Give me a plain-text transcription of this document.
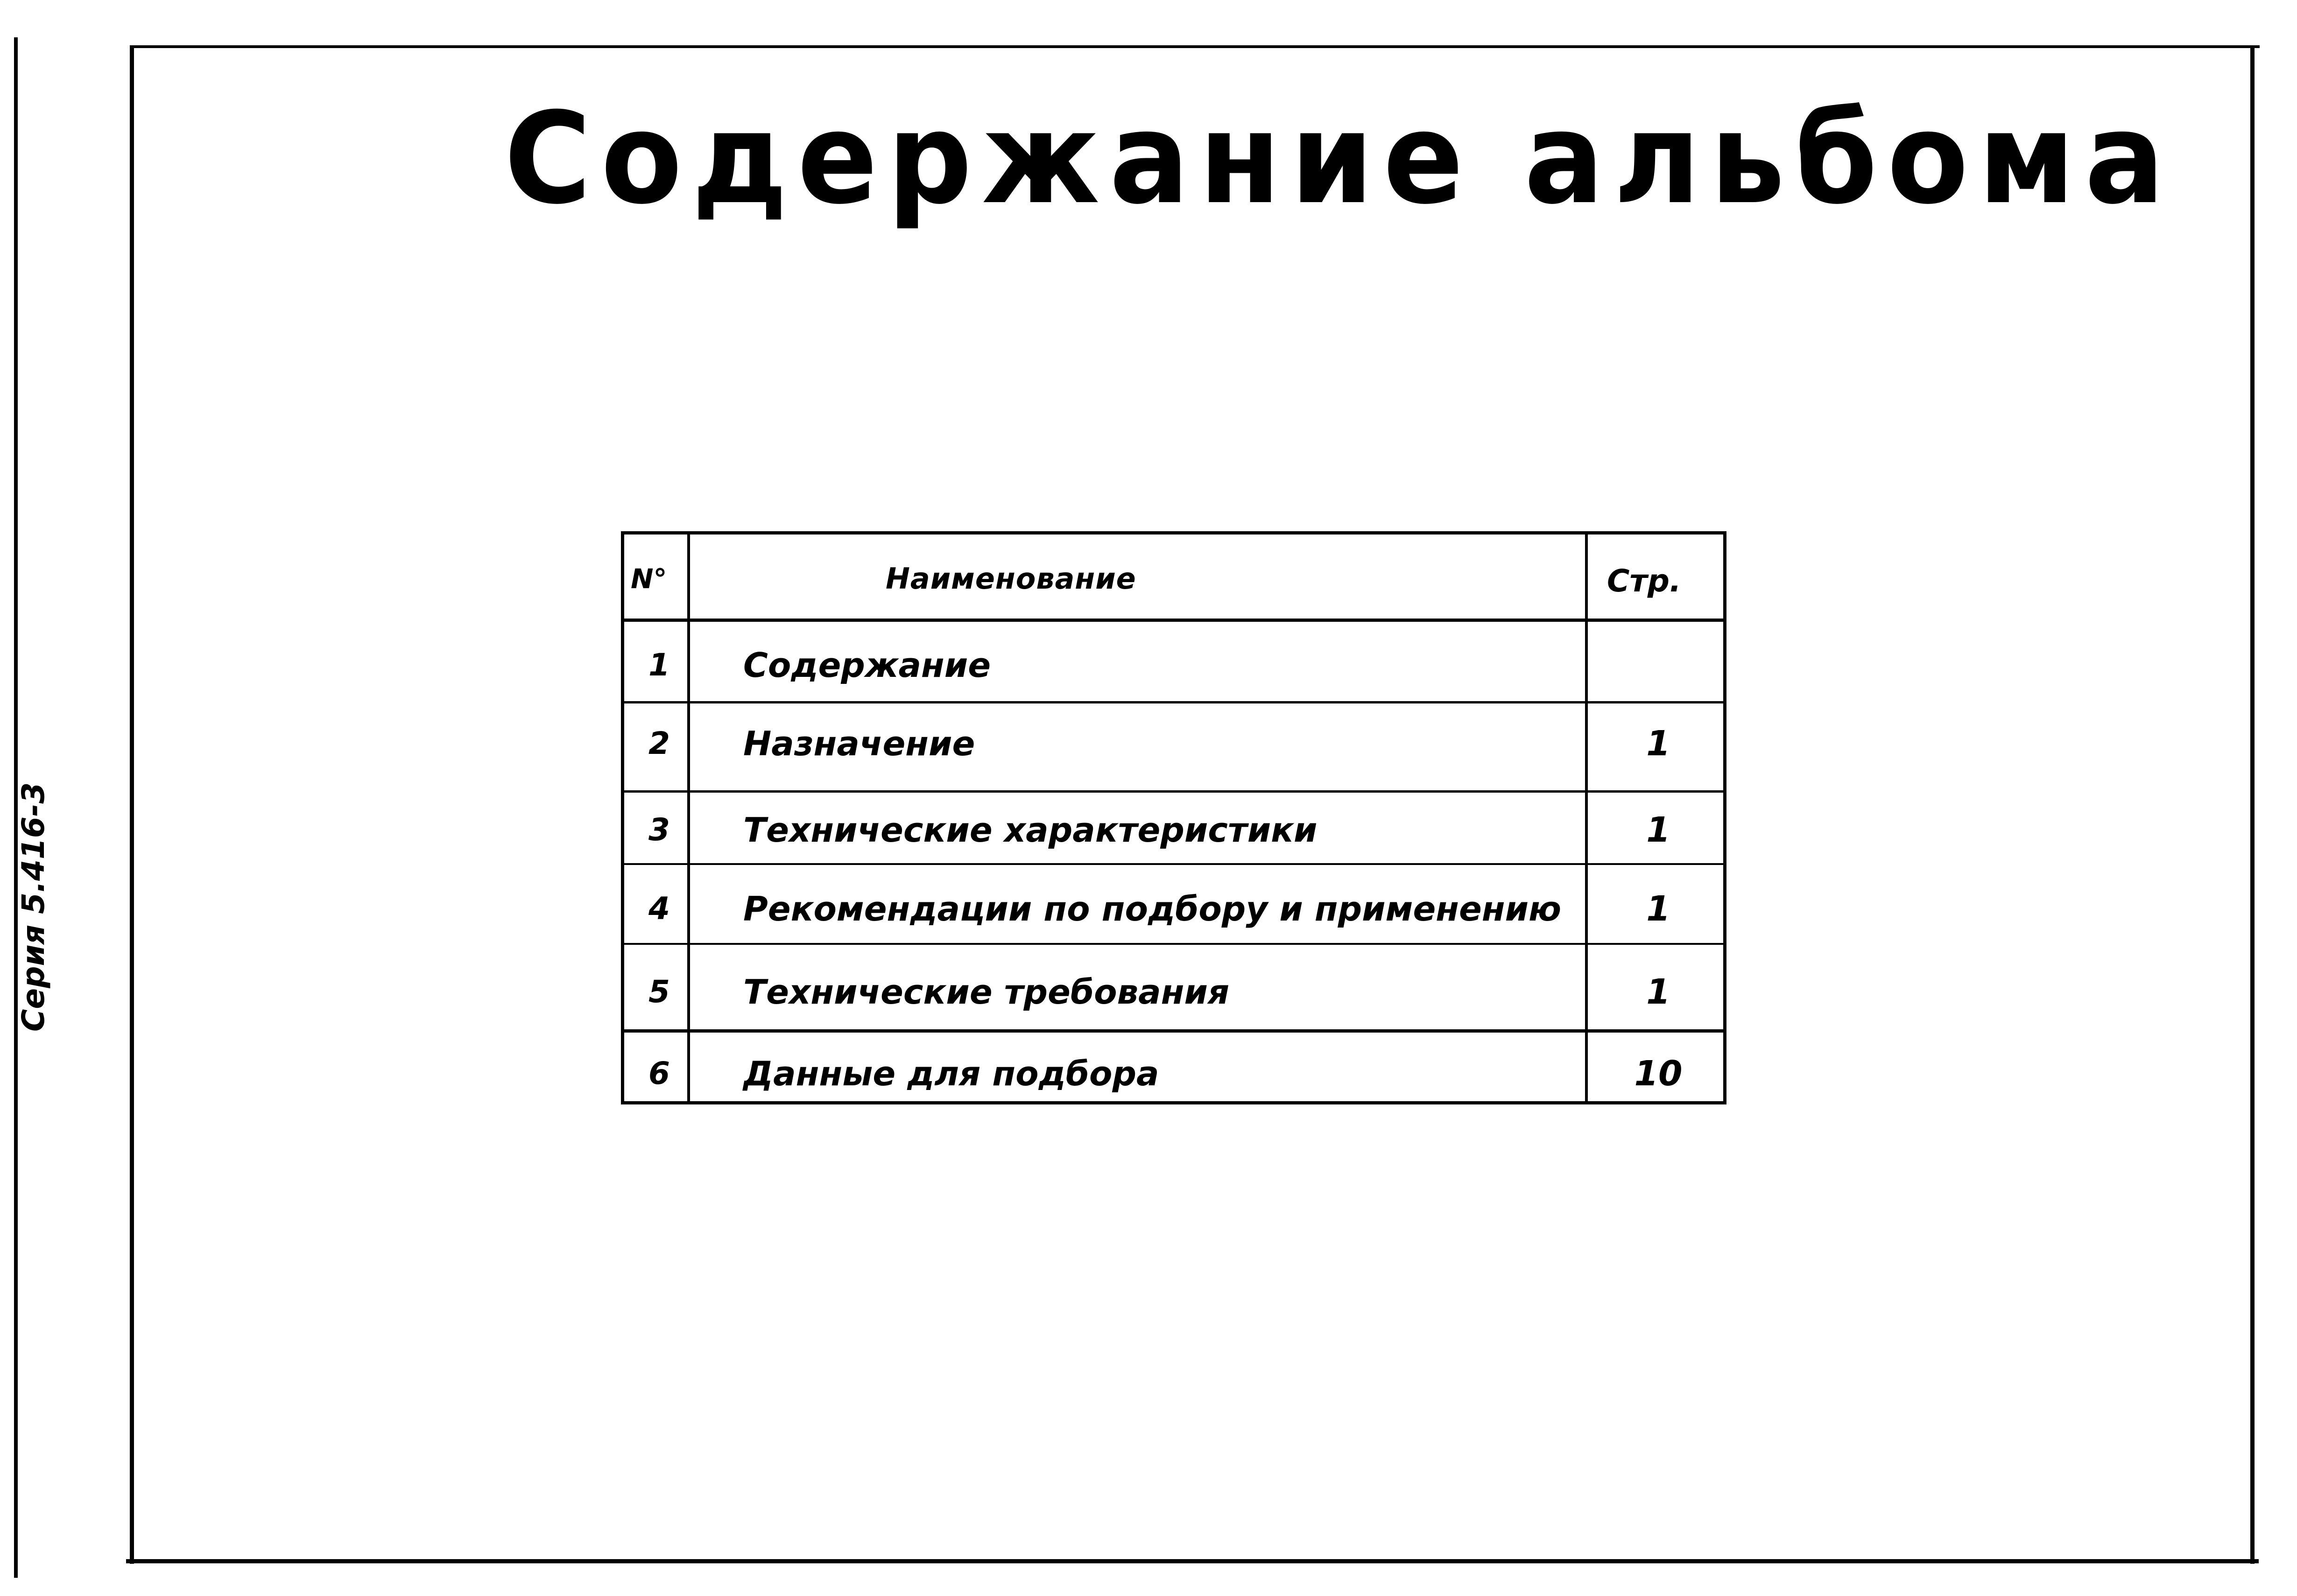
Содержание альбома
Серия 5.416-3
N°	Наименование	Стр.
1 Содержание
2 Назначение	1
3 Технические характеристики	1
4 Рекомендации по подбору и применению	1
5 Технические требования	1
6 Данные для подбора	10
